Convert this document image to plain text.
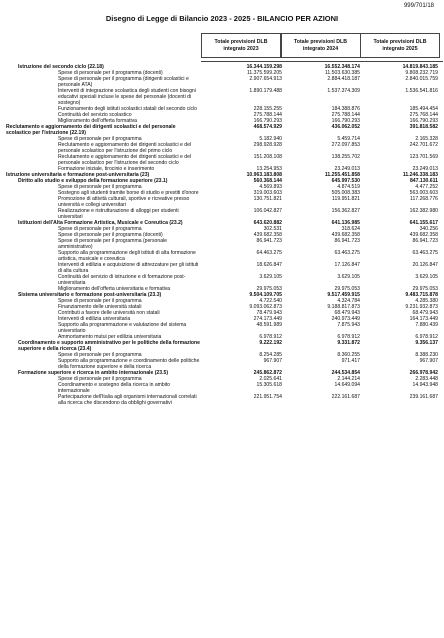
999/701/18
Disegno di Legge di Bilancio 2023 - 2025 - BILANCIO PER AZIONI
Totale previsioni DLB integrato 2023
Totale previsioni DLB integrato 2024
Totale previsioni DLB integrato 2025
Istruzione del secondo ciclo (22.18)	16.344.159.298	16.552.348.174	14.819.843.185
Spese di personale per il programma (docenti)	11.375.599.205	11.503.630.385	9.808.232.719
Spese di personale per il programma (dirigenti scolastici e personale ATA)
2.907.654.913	2.884.418.187	2.840.015.759
Interventi di integrazione scolastica degli studenti con bisogni educativi speciali incluse le spese del personale (docenti di sostegno)
1.890.179.488	1.537.374.309	1.536.541.816
Funzionamento degli istituti scolastici statali del secondo ciclo	228.155.255	184.388.876	185.494.454
Continuità del servizio scolastico	275.788.144	275.788.144	275.768.144
Miglioramento dell'offerta formativa	166.790.293	166.790.293	166.790.293
Reclutamento e aggiornamento dei dirigenti scolastici e del personale scolastico per l'istruzione (22.19)
468.574.929	436.062.052	391.818.582
Spese di personale per il programma	5.182.940	5.459.714	2.165.328
Reclutamento e aggiornamento dei dirigenti scolastici e del personale scolastico per l'istruzione del primo ciclo
298.928.928	272.097.853	242.701.672
Reclutamento e aggiornamento dei dirigenti scolastici e del personale scolastico per l'istruzione del secondo ciclo
151.208.108	138.255.702	123.701.569
Formazione iniziale, tirocinio e inserimento	13.254.953	23.249.013	23.249.013
Istruzione universitaria e formazione post-universitaria (23)	10.963.183.808	11.255.451.858	11.246.338.183
Diritto allo studio e sviluppo della formazione superiore (23.1)	560.368.144	645.997.530	847.130.611
Spese di personale per il programma	4.569.893	4.874.519	4.477.252
Sostegno agli studenti tramite borse di studio e prestiti d'onore	319.003.603	505.008.383	563.003.603
Promozione di attività culturali, sportive e ricreative presso università e collegi universitari
130.751.821	119.951.821	117.268.776
Realizzazione e ristrutturazione di alloggi per studenti universitari
106.042.827	156.362.827	162.382.980
Istituzioni dell'Alta Formazione Artistica, Musicale e Coreutica (23.2)	643.620.882	641.136.985	641.155.617
Spese di personale per il programma	302.531	318.624	340.256
Spese di personale per il programma (docenti)	439.682.358	439.682.358	439.682.358
Spese di personale per il programma (personale amministrativo)
86.941.723	86.941.723	86.941.723
Supporto alla programmazione degli istituti di alta formazione artistica, musicale e coreutica
64.463.275	63.463.275	63.463.275
Interventi di edilizia e acquisizione di attrezzature per gli istituti di alta cultura
18.626.847	17.126.847	20.126.847
Continuità del servizio di istruzione e di formazione post-universitaria
3.629.105	3.629.105	3.629.105
Miglioramento dell'offerta universitaria e formativa	29.975.053	29.975.053	29.975.053
Sistema universitario e formazione post-universitaria (23.3)	9.504.109.705	9.517.459.915	9.483.715.878
Spese di personale per il programma	4.722.540	4.324.784	4.285.380
Finanziamento delle università statali	9.093.062.873	9.188.817.873	9.231.932.873
Contributi a favore delle università non statali	78.479.943	68.479.943	68.479.943
Interventi di edilizia universitaria	274.173.449	240.973.449	164.173.449
Supporto alla programmazione e valutazione del sistema universitario
48.591.989	7.875.943	7.880.439
Ammortamento mutui per edilizia universitaria	6.978.912	6.978.912	6.978.912
Coordinamento e supporto amministrativo per le politiche della formazione superiore e della ricerca (23.4)
9.222.192	9.331.872	9.356.137
Spese di personale per il programma	8.254.285	8.360.255	8.388.230
Supporto alla programmazione e coordinamento delle politiche della formazione superiore e della ricerca
967.907	971.417	967.907
Formazione superiore e ricerca in ambito internazionale (23.5)	245.862.872	244.534.854	266.978.942
Spese di personale per il programma	2.025.641	2.144.214	2.283.448
Coordinamento e sostegno della ricerca in ambito internazionale
15.305.618	14.649.094	14.943.948
Partecipazione dell'Italia agli organismi internazionali correlati alla ricerca che discendono da obblighi governativi
221.951.754	222.161.687	239.161.687
